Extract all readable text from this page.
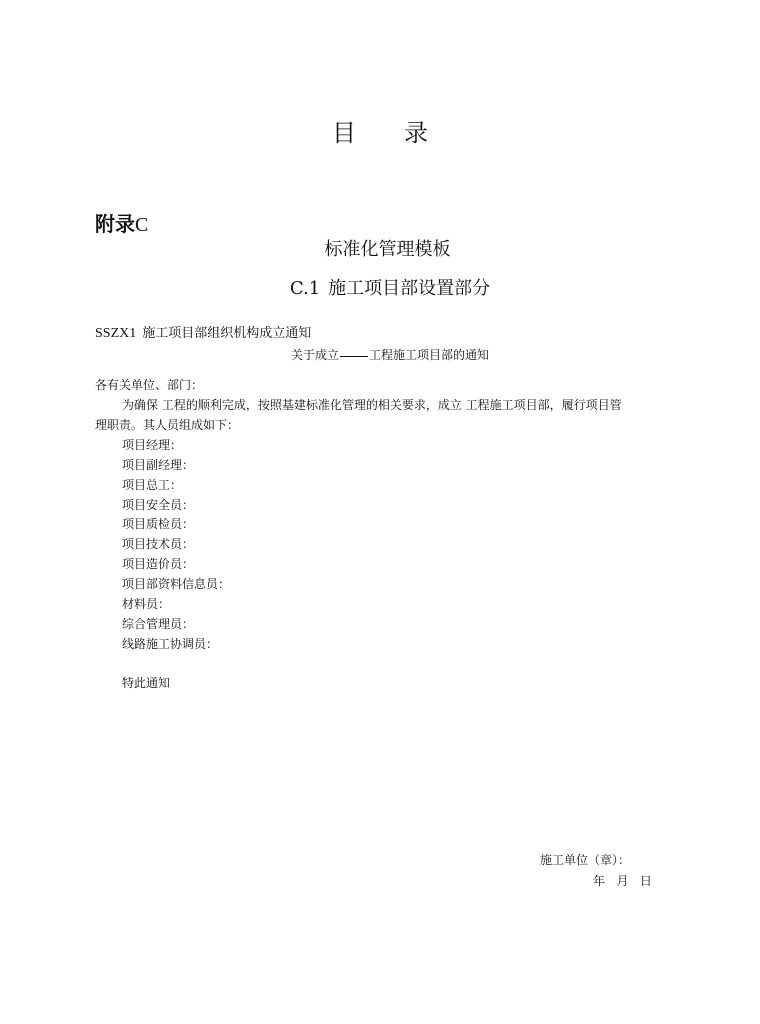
目 录
附录C
标准化管理模板
C.1 施工项目部设置部分
SSZX1 施工项目部组织机构成立通知
关于成立	工程施工项目部的通知
各有关单位、部门：
为确保 工程的顺利完成，按照基建标准化管理的相关要求，成立 工程施工项目部，履行项目管
理职责。其人员组成如下：
项目经理：
项目副经理：
项目总工：
项目安全员：
项目质检员：
项目技术员：
项目造价员：
项目部资料信息员：
材料员：
综合管理员：
线路施工协调员：
特此通知
施工单位（章）：
年   月   日
